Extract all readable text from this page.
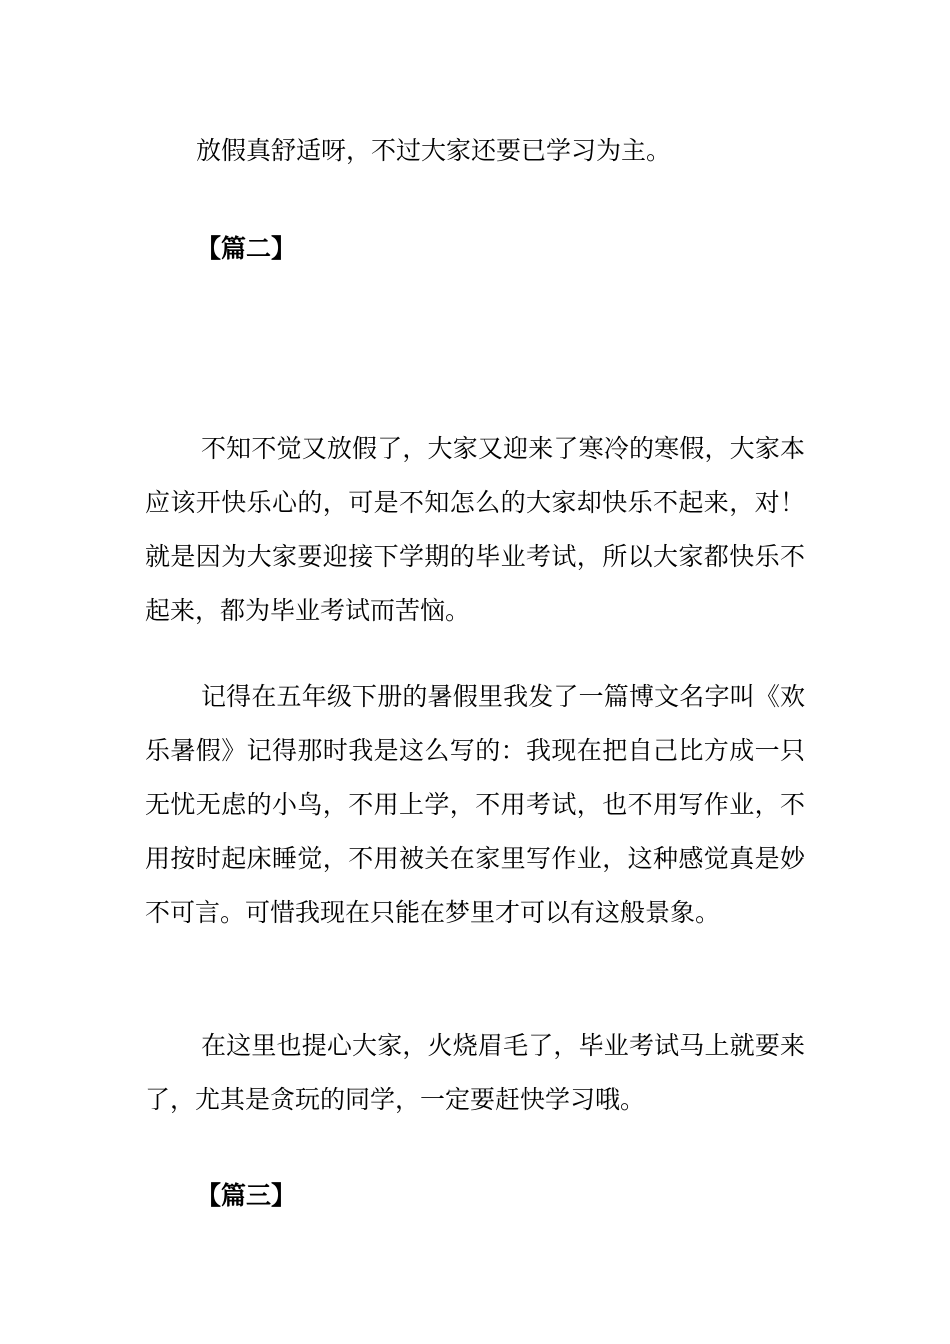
放假真舒适呀，不过大家还要已学习为主。
【篇二】

不知不觉又放假了，大家又迎来了寒冷的寒假，大家本应该开快乐心的，可是不知怎么的大家却快乐不起来，对！就是因为大家要迎接下学期的毕业考试，所以大家都快乐不起来，都为毕业考试而苦恼。

记得在五年级下册的暑假里我发了一篇博文名字叫《欢乐暑假》记得那时我是这么写的：我现在把自己比方成一只无忧无虑的小鸟，不用上学，不用考试，也不用写作业，不用按时起床睡觉，不用被关在家里写作业，这种感觉真是妙不可言。可惜我现在只能在梦里才可以有这般景象。

在这里也提心大家，火烧眉毛了，毕业考试马上就要来了，尤其是贪玩的同学，一定要赶快学习哦。

【篇三】
